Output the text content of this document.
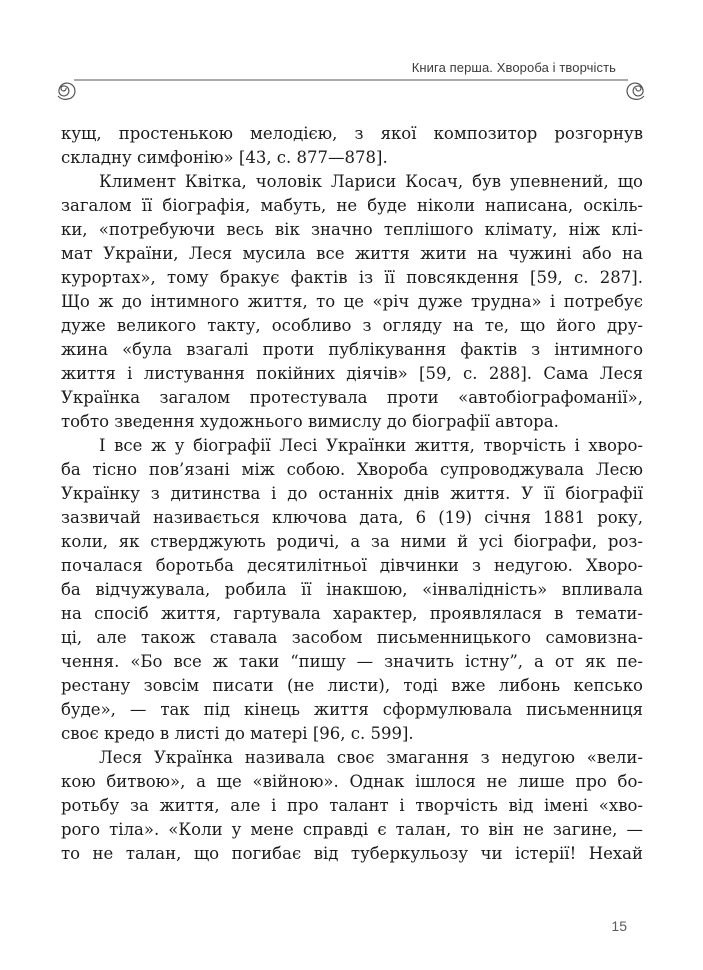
Книга перша. Хвороба і творчість
кущ, простенькою мелодією, з якої композитор розгорнув
складну симфонію» [43, с. 877—878].
Климент Квітка, чоловік Лариси Косач, був упевнений, що
загалом її біографія, мабуть, не буде ніколи написана, оскіль-
ки, «потребуючи весь вік значно теплішого клімату, ніж клі-
мат України, Леся мусила все життя жити на чужині або на
курортах», тому бракує фактів із її повсякдення [59, с. 287].
Що ж до інтимного життя, то це «річ дуже трудна» і потребує
дуже великого такту, особливо з огляду на те, що його дру-
жина «була взагалі проти публікування фактів з інтимного
життя і листування покійних діячів» [59, с. 288]. Сама Леся
Українка загалом протестувала проти «автобіографоманії»,
тобто зведення художнього вимислу до біографії автора.
І все ж у біографії Лесі Українки життя, творчість і хворо-
ба тісно пов’язані між собою. Хвороба супроводжувала Лесю
Українку з дитинства і до останніх днів життя. У її біографії
зазвичай називається ключова дата, 6 (19) січня 1881 року,
коли, як стверджують родичі, а за ними й усі біографи, роз-
почалася боротьба десятилітньої дівчинки з недугою. Хворо-
ба відчужувала, робила її інакшою, «інвалідність» впливала
на спосіб життя, гартувала характер, проявлялася в темати-
ці, але також ставала засобом письменницького самовизна-
чення. «Бо все ж таки “пишу — значить істну”, а от як пе-
рестану зовсім писати (не листи), тоді вже либонь кепсько
буде», — так під кінець життя сформулювала письменниця
своє кредо в листі до матері [96, с. 599].
Леся Українка називала своє змагання з недугою «вели-
кою битвою», а ще «війною». Однак ішлося не лише про бо-
ротьбу за життя, але і про талант і творчість від імені «хво-
рого тіла». «Коли у мене справді є талан, то він не загине, —
то не талан, що погибає від туберкульозу чи істерії! Нехай
15
